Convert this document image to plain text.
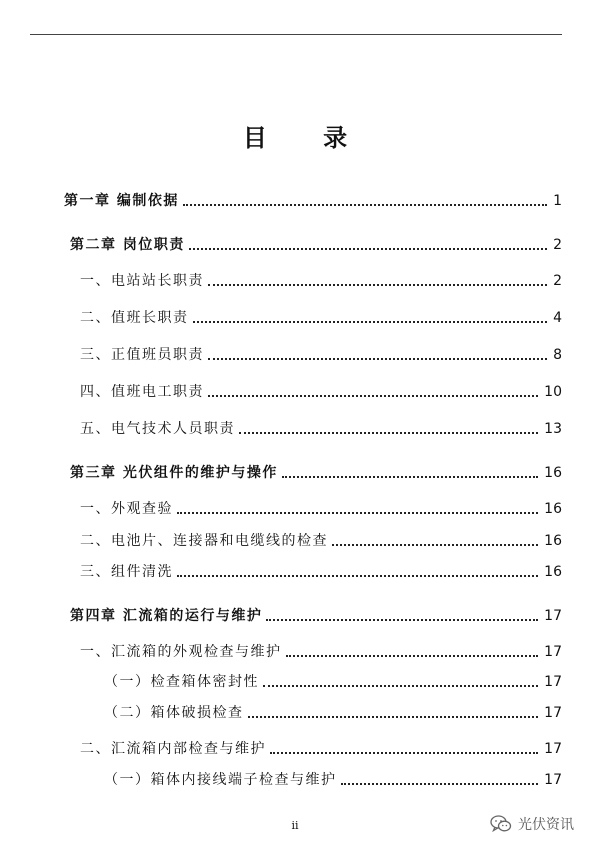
目 录
第一章 编制依据	1
第二章 岗位职责	2
一、电站站长职责	2
二、值班长职责	4
三、正值班员职责	8
四、值班电工职责	10
五、电气技术人员职责	13
第三章 光伏组件的维护与操作	16
一、外观查验	16
二、电池片、连接器和电缆线的检查	16
三、组件清洗	16
第四章 汇流箱的运行与维护	17
一、汇流箱的外观检查与维护	17
（一）检查箱体密封性	17
（二）箱体破损检查	17
二、汇流箱内部检查与维护	17
（一）箱体内接线端子检查与维护	17
ii	光伏资讯
